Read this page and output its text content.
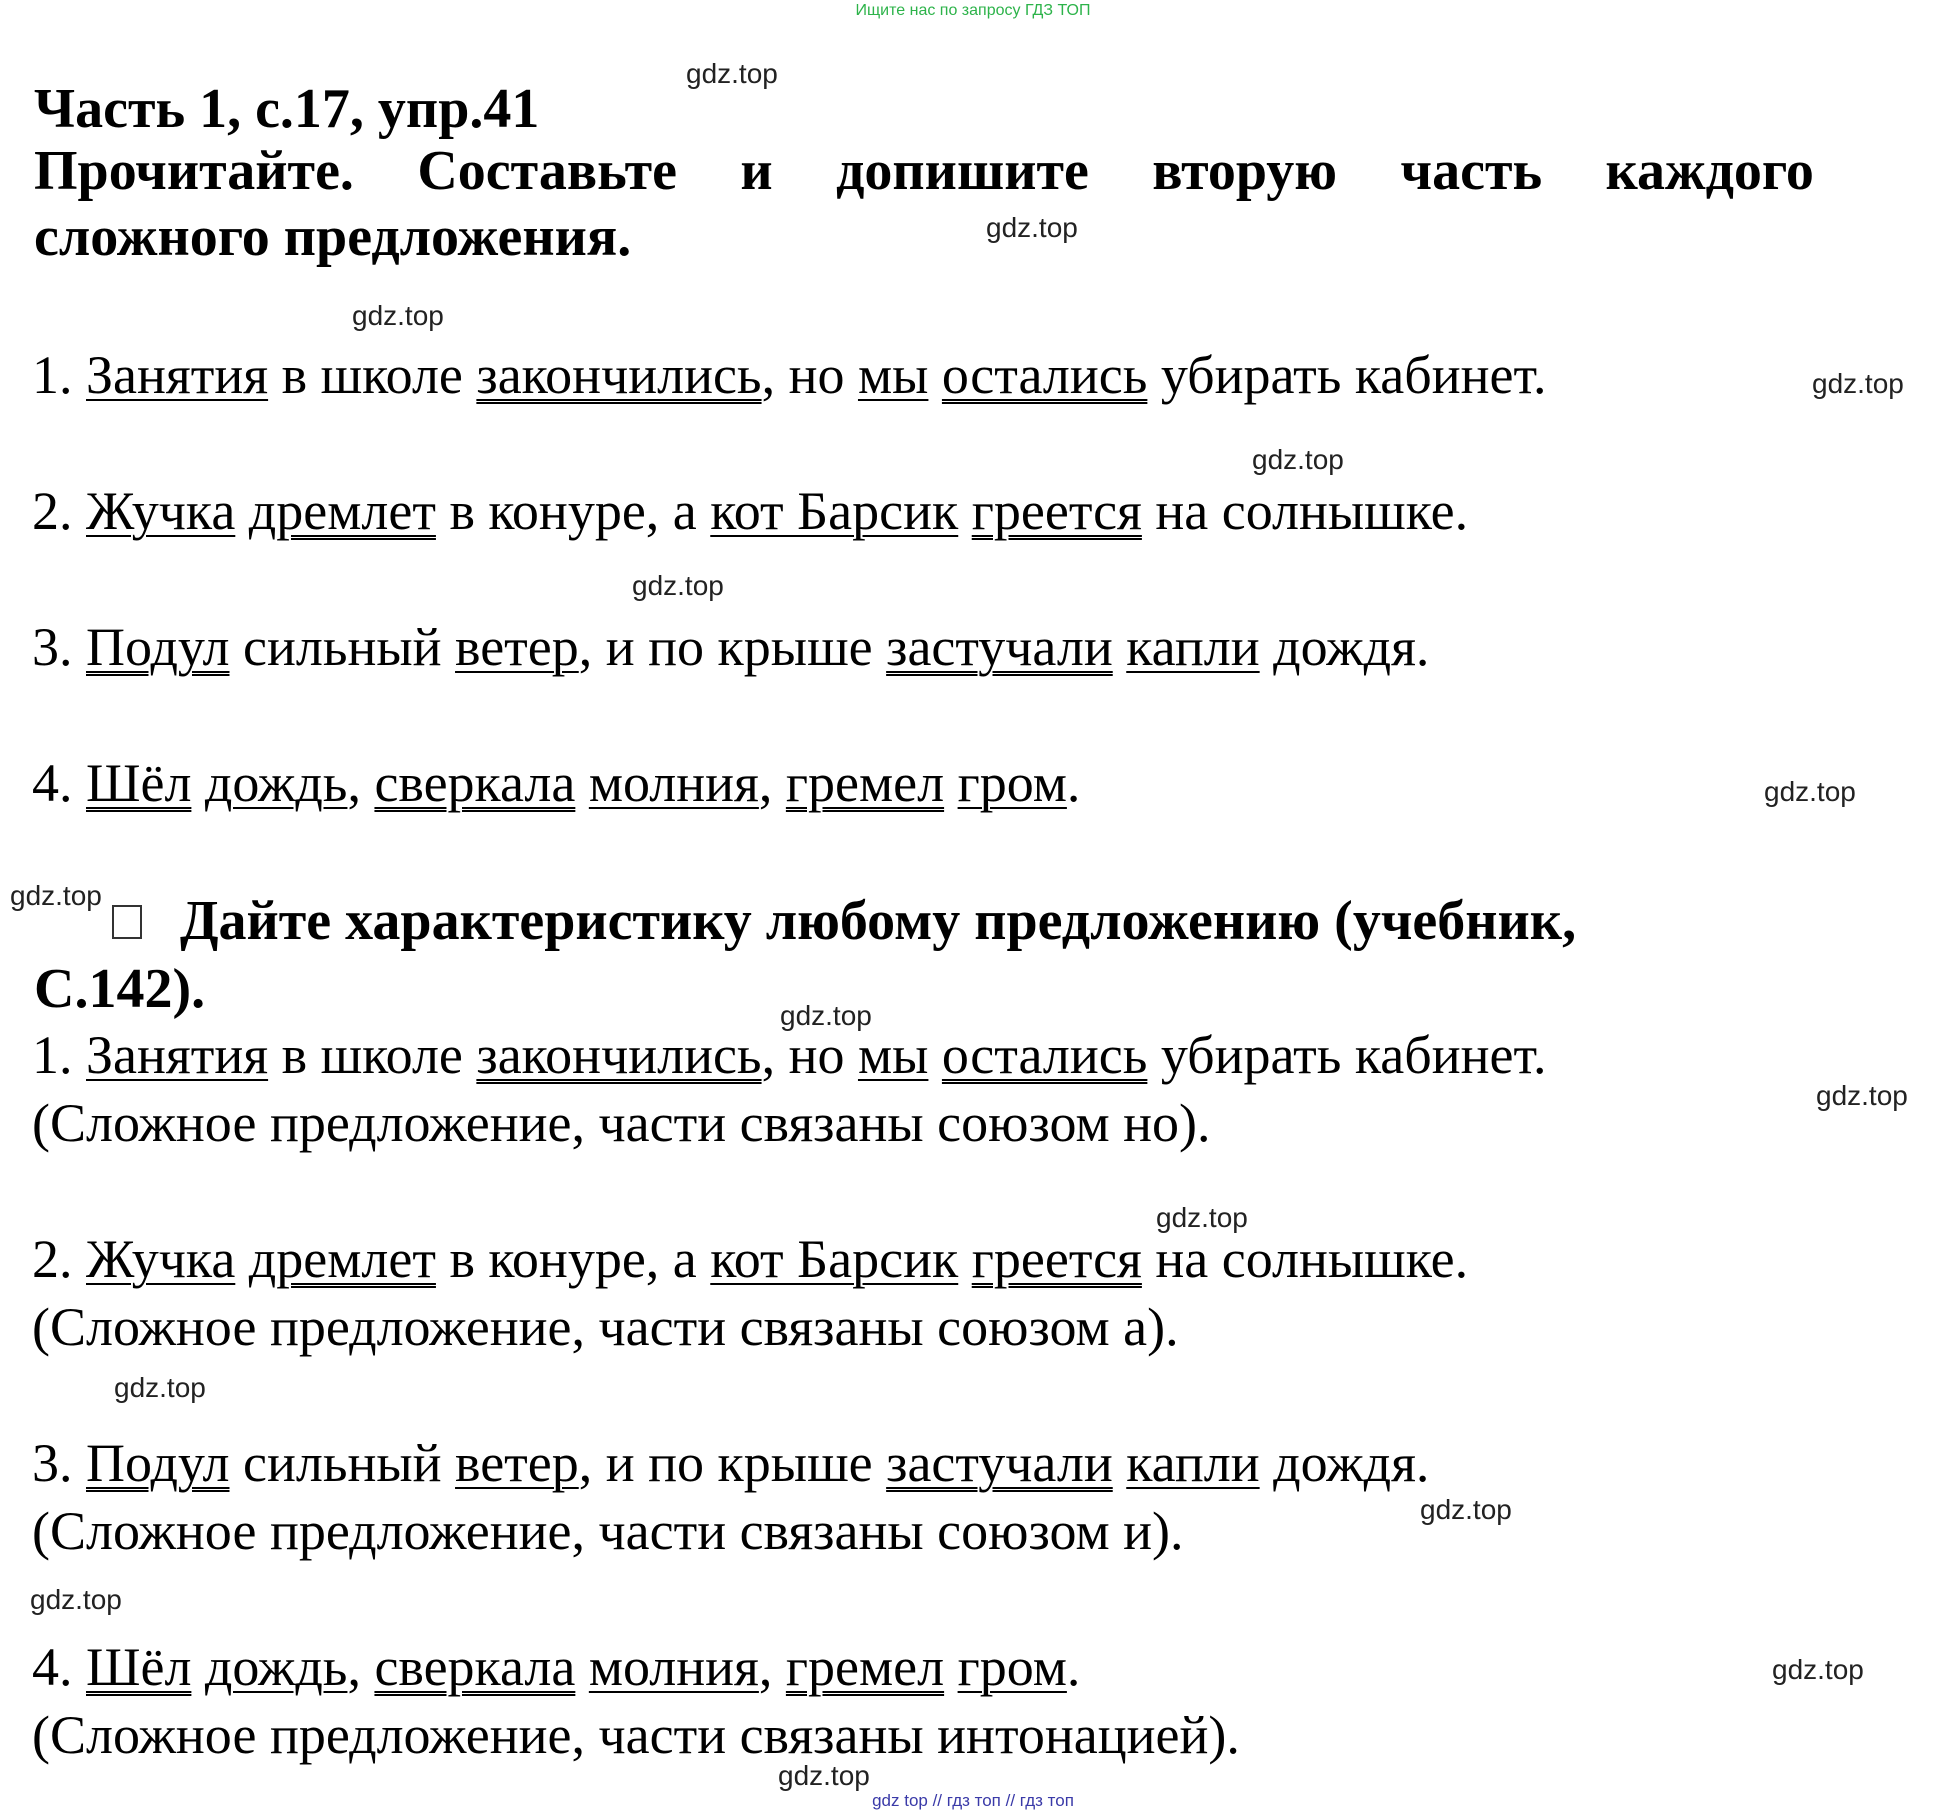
Ищите нас по запросу ГДЗ ТОП
Часть 1, с.17, упр.41
Прочитайте. Составьте и допишите вторую часть каждого
сложного предложения.
1. Занятия в школе закончились, но мы остались убирать кабинет.
2. Жучка дремлет в конуре, а кот Барсик греется на солнышке.
3. Подул сильный ветер, и по крыше застучали капли дождя.
4. Шёл дождь, сверкала молния, гремел гром.
Дайте характеристику любому предложению (учебник,
С.142).
1. Занятия в школе закончились, но мы остались убирать кабинет.
(Сложное предложение, части связаны союзом но).
2. Жучка дремлет в конуре, а кот Барсик греется на солнышке.
(Сложное предложение, части связаны союзом а).
3. Подул сильный ветер, и по крыше застучали капли дождя.
(Сложное предложение, части связаны союзом и).
4. Шёл дождь, сверкала молния, гремел гром.
(Сложное предложение, части связаны интонацией).
gdz.top
gdz.top
gdz.top
gdz.top
gdz.top
gdz.top
gdz.top
gdz.top
gdz.top
gdz.top
gdz.top
gdz.top
gdz.top
gdz.top
gdz.top
gdz.top
gdz top // гдз топ // гдз топ
